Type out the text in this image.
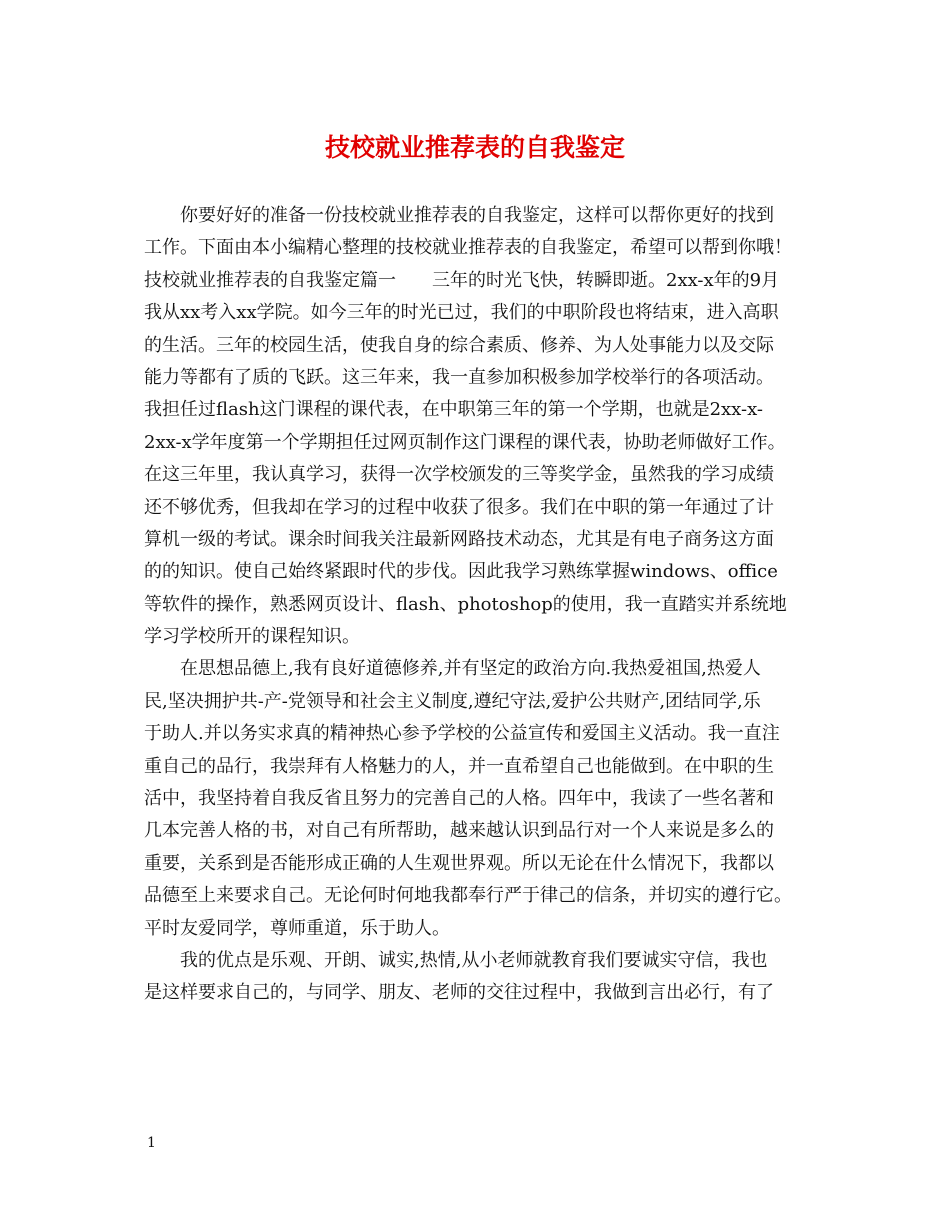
技校就业推荐表的自我鉴定
你要好好的准备一份技校就业推荐表的自我鉴定，这样可以帮你更好的找到
工作。下面由本小编精心整理的技校就业推荐表的自我鉴定，希望可以帮到你哦！
技校就业推荐表的自我鉴定篇一　　三年的时光飞快，转瞬即逝。2xx-x年的9月
我从xx考入xx学院。如今三年的时光已过，我们的中职阶段也将结束，进入高职
的生活。三年的校园生活，使我自身的综合素质、修养、为人处事能力以及交际
能力等都有了质的飞跃。这三年来，我一直参加积极参加学校举行的各项活动。
我担任过flash这门课程的课代表，在中职第三年的第一个学期，也就是2xx-x-
2xx-x学年度第一个学期担任过网页制作这门课程的课代表，协助老师做好工作。
在这三年里，我认真学习，获得一次学校颁发的三等奖学金，虽然我的学习成绩
还不够优秀，但我却在学习的过程中收获了很多。我们在中职的第一年通过了计
算机一级的考试。课余时间我关注最新网路技术动态，尤其是有电子商务这方面
的的知识。使自己始终紧跟时代的步伐。因此我学习熟练掌握windows、office
等软件的操作，熟悉网页设计、flash、photoshop的使用，我一直踏实并系统地
学习学校所开的课程知识。
在思想品德上,我有良好道德修养,并有坚定的政治方向.我热爱祖国,热爱人
民,坚决拥护共-产-党领导和社会主义制度,遵纪守法,爱护公共财产,团结同学,乐
于助人.并以务实求真的精神热心参予学校的公益宣传和爱国主义活动。我一直注
重自己的品行，我崇拜有人格魅力的人，并一直希望自己也能做到。在中职的生
活中，我坚持着自我反省且努力的完善自己的人格。四年中，我读了一些名著和
几本完善人格的书，对自己有所帮助，越来越认识到品行对一个人来说是多么的
重要，关系到是否能形成正确的人生观世界观。所以无论在什么情况下，我都以
品德至上来要求自己。无论何时何地我都奉行严于律己的信条，并切实的遵行它。
平时友爱同学，尊师重道，乐于助人。
我的优点是乐观、开朗、诚实,热情,从小老师就教育我们要诚实守信，我也
是这样要求自己的，与同学、朋友、老师的交往过程中，我做到言出必行，有了
1
